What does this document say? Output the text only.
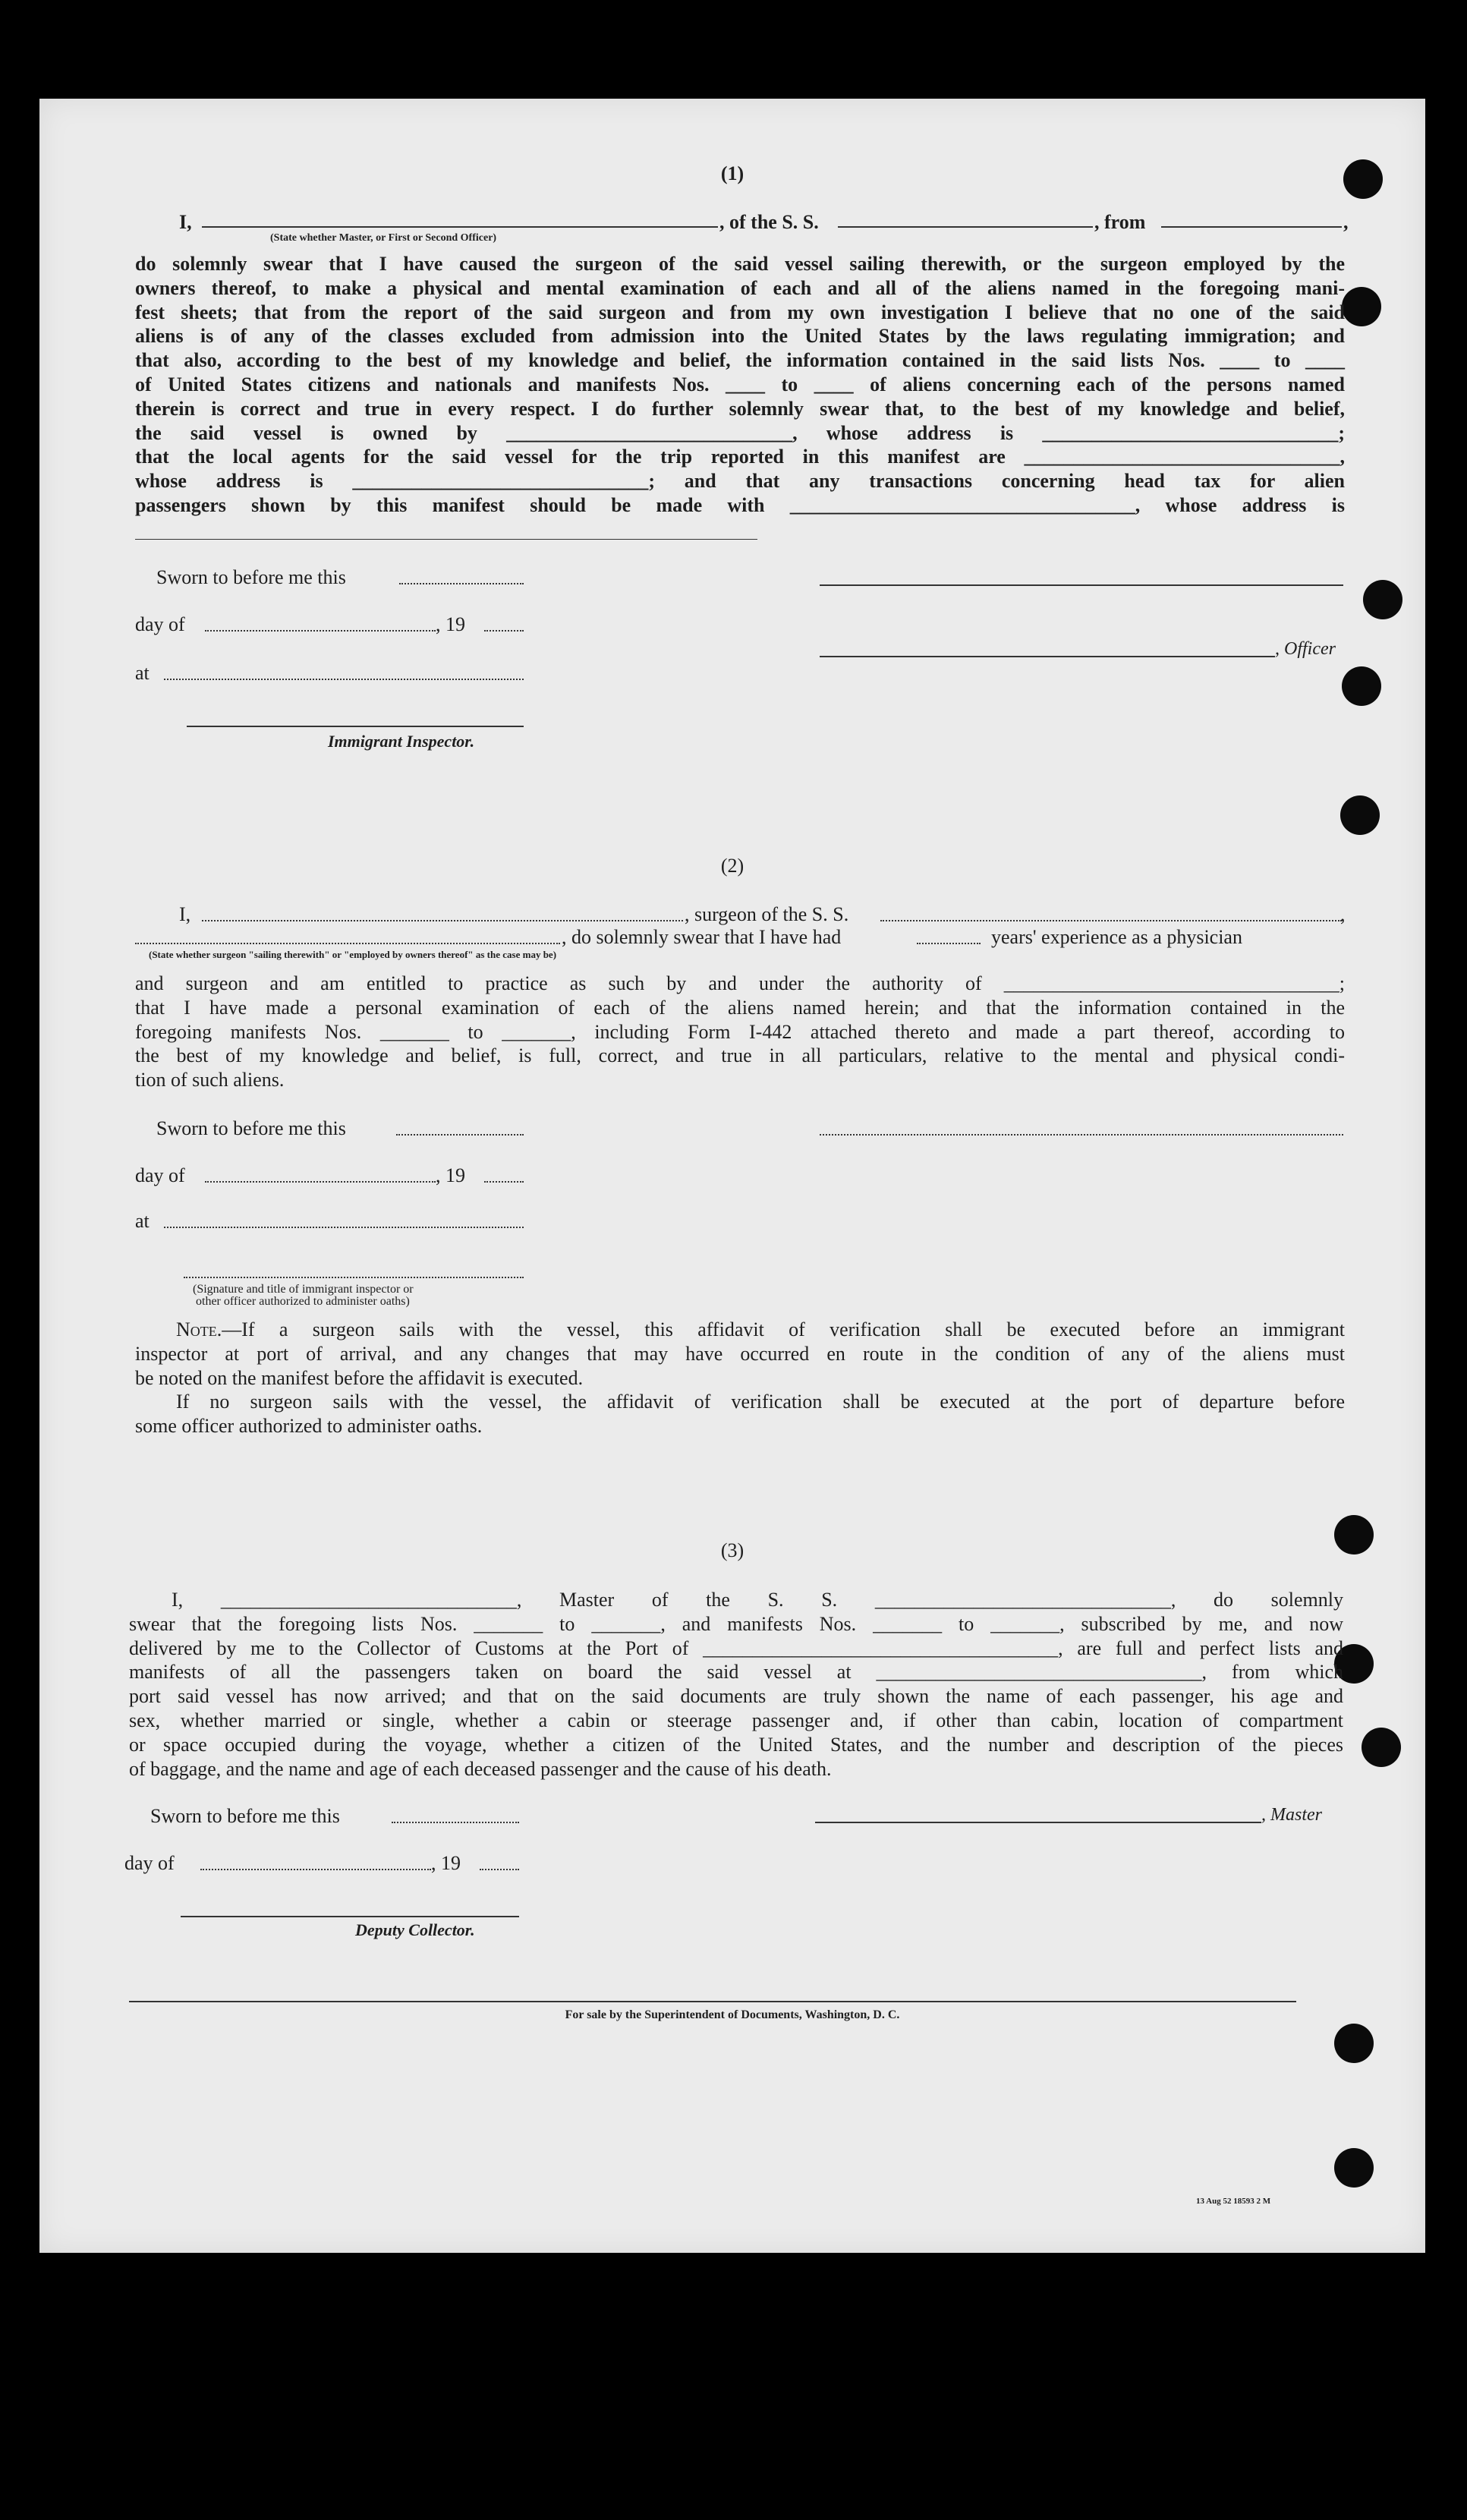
(1)
I,	, of the S. S.	, from	,
(State whether Master, or First or Second Officer)
do solemnly swear that I have caused the surgeon of the said vessel sailing therewith, or the surgeon employed by the
owners thereof, to make a physical and mental examination of each and all of the aliens named in the foregoing mani-
fest sheets; that from the report of the said surgeon and from my own investigation I believe that no one of the said
aliens is of any of the classes excluded from admission into the United States by the laws regulating immigration; and
that also, according to the best of my knowledge and belief, the information contained in the said lists Nos. ____ to ____
of United States citizens and nationals and manifests Nos. ____ to ____ of aliens concerning each of the persons named
therein is correct and true in every respect. I do further solemnly swear that, to the best of my knowledge and belief,
the said vessel is owned by _____________________________, whose address is ______________________________;
that the local agents for the said vessel for the trip reported in this manifest are ________________________________,
whose address is ______________________________; and that any transactions concerning head tax for alien
passengers shown by this manifest should be made with ___________________________________, whose address is
Sworn to before me this
day of	, 19
, Officer
at
Immigrant Inspector.
(2)
I,	, surgeon of the S. S.	,
, do solemnly swear that I have had	years' experience as a physician
(State whether surgeon "sailing therewith" or "employed by owners thereof" as the case may be)
and surgeon and am entitled to practice as such by and under the authority of __________________________________;
that I have made a personal examination of each of the aliens named herein; and that the information contained in the
foregoing manifests Nos. _______ to _______, including Form I-442 attached thereto and made a part thereof, according to
the best of my knowledge and belief, is full, correct, and true in all particulars, relative to the mental and physical condi-
tion of such aliens.
Sworn to before me this
day of	, 19
at
(Signature and title of immigrant inspector or
other officer authorized to administer oaths)
Note.—If a surgeon sails with the vessel, this affidavit of verification shall be executed before an immigrant
inspector at port of arrival, and any changes that may have occurred en route in the condition of any of the aliens must
be noted on the manifest before the affidavit is executed.
If no surgeon sails with the vessel, the affidavit of verification shall be executed at the port of departure before
some officer authorized to administer oaths.
(3)
I, ______________________________, Master of the S. S. ______________________________, do solemnly
swear that the foregoing lists Nos. _______ to _______, and manifests Nos. _______ to _______, subscribed by me, and now
delivered by me to the Collector of Customs at the Port of ____________________________________, are full and perfect lists and
manifests of all the passengers taken on board the said vessel at _________________________________, from which
port said vessel has now arrived; and that on the said documents are truly shown the name of each passenger, his age and
sex, whether married or single, whether a cabin or steerage passenger and, if other than cabin, location of compartment
or space occupied during the voyage, whether a citizen of the United States, and the number and description of the pieces
of baggage, and the name and age of each deceased passenger and the cause of his death.
Sworn to before me this	, Master
day of	, 19
Deputy Collector.
For sale by the Superintendent of Documents, Washington, D. C.
13 Aug 52 18593 2 M
